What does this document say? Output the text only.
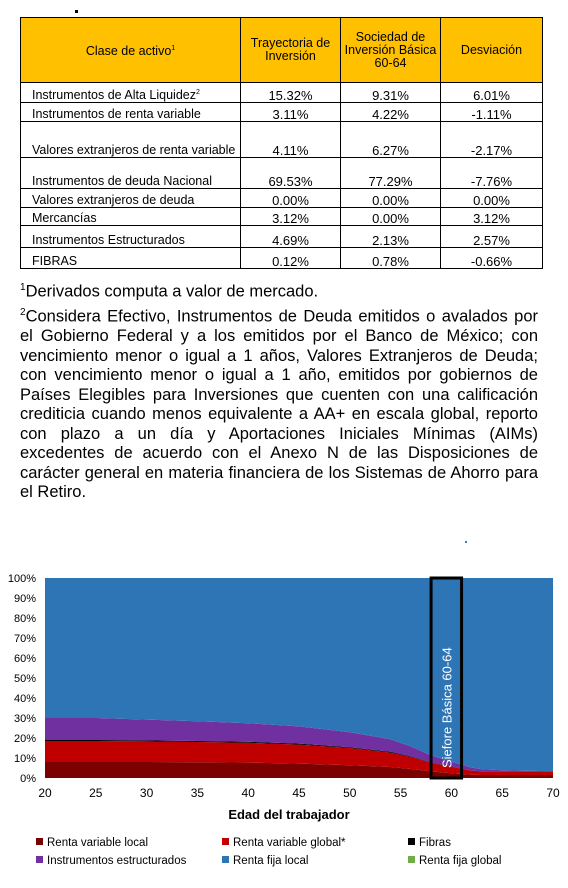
Clase de activo$^1$	Trayectoria de Inversión	Sociedad de Inversión Básica 60-64	Desviación
Instrumentos de Alta Liquidez$^2$	15.32%	9.31%	6.01%
Instrumentos de renta variable	3.11%	4.22%	-1.11%
Valores extranjeros de renta variable	4.11%	6.27%	-2.17%
Instrumentos de deuda Nacional	69.53%	77.29%	-7.76%
Valores extranjeros de deuda	0.00%	0.00%	0.00%
Mercancías	3.12%	0.00%	3.12%
Instrumentos Estructurados	4.69%	2.13%	2.57%
FIBRAS	0.12%	0.78%	-0.66%
$^1$Derivados computa a valor de mercado.
$^2$Considera Efectivo, Instrumentos de Deuda emitidos o avalados por el Gobierno Federal y a los emitidos por el Banco de México; con vencimiento menor o igual a 1 años, Valores Extranjeros de Deuda; con vencimiento menor o igual a 1 año, emitidos por gobiernos de Países Elegibles para Inversiones que cuenten con una calificación crediticia cuando menos equivalente a AA+ en escala global, reporto con plazo a un día y Aportaciones Iniciales Mínimas (AIMs) excedentes de acuerdo con el Anexo N de las Disposiciones de carácter general en materia financiera de los Sistemas de Ahorro para el Retiro.
Siefore Básica 60-64
0%
10%
20%
30%
40%
50%
60%
70%
80%
90%
100%
20	25	30	35	40	45	50	55	60	65	70
Edad del trabajador
Renta variable local	Renta variable global*	Fibras
Instrumentos estructurados	Renta fija local	Renta fija global
